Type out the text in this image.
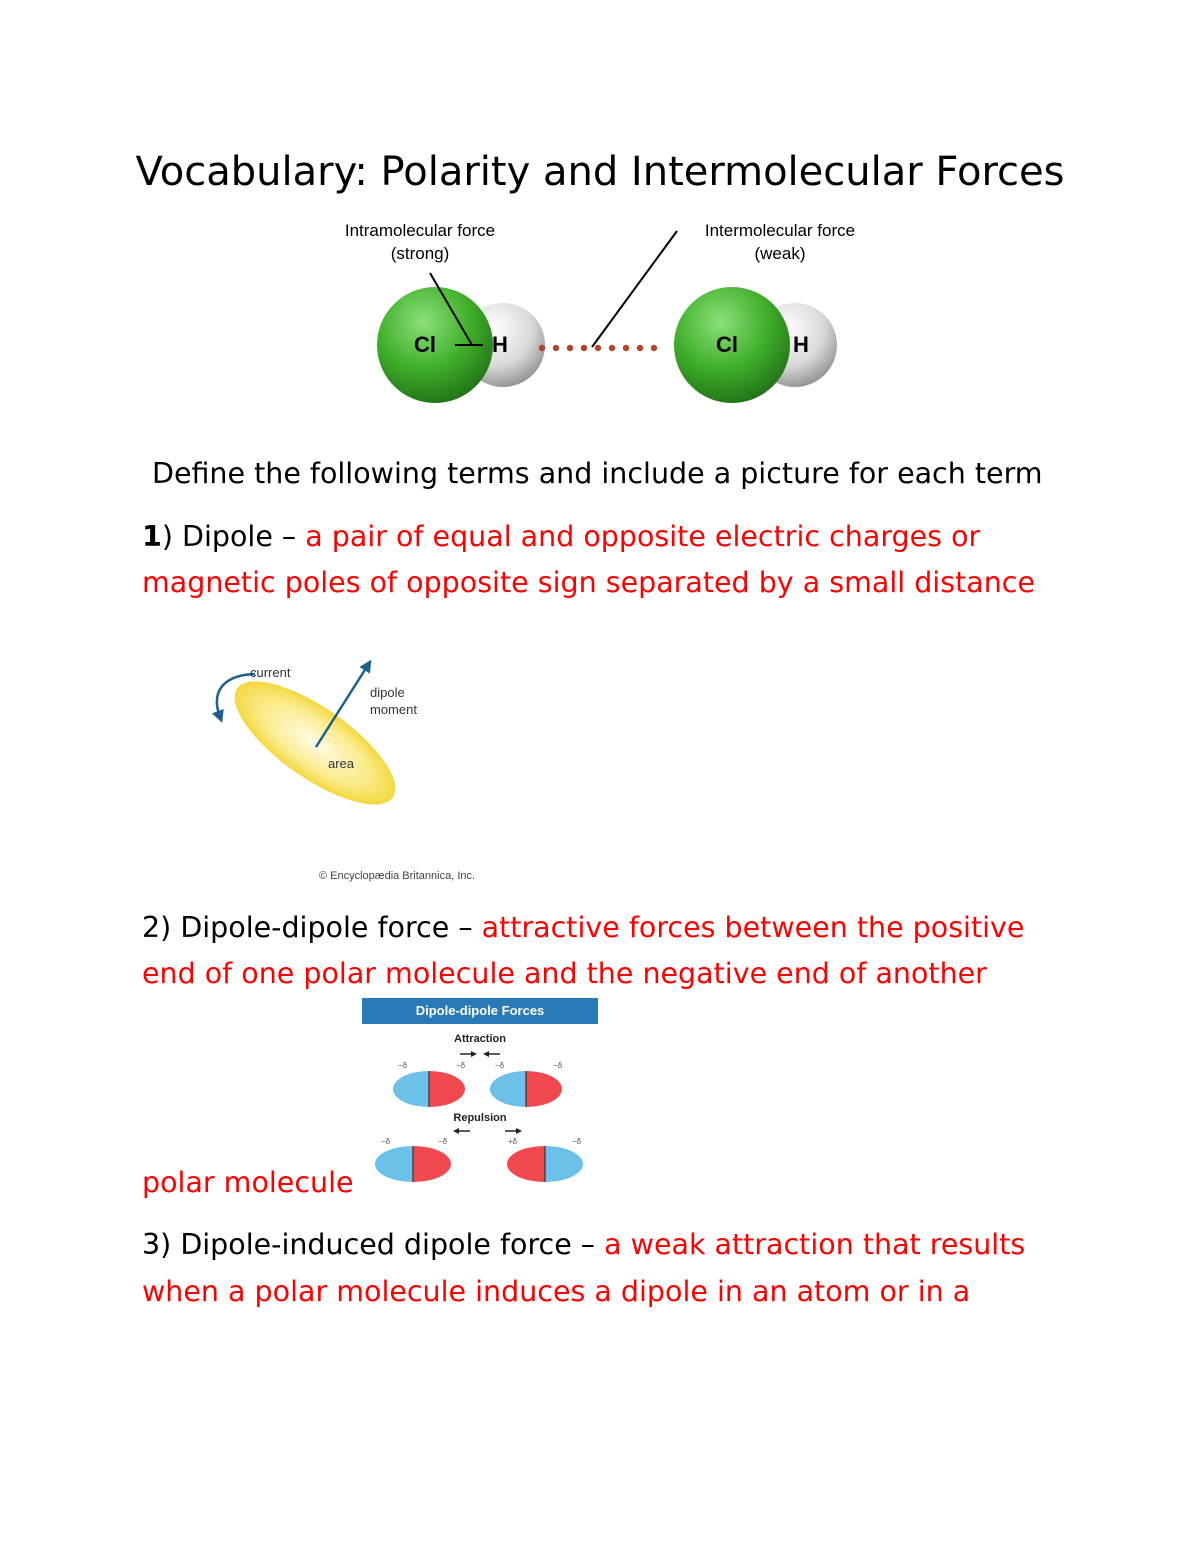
Vocabulary: Polarity and Intermolecular Forces
Intramolecular force
(strong)
Intermolecular force
(weak)
Cl	H	Cl	H
Define the following terms and include a picture for each term
1) Dipole – a pair of equal and opposite electric charges or
magnetic poles of opposite sign separated by a small distance
current
dipole
moment
area
© Encyclopædia Britannica, Inc.
2) Dipole-dipole force – attractive forces between the positive
end of one polar molecule and the negative end of another
Dipole-dipole Forces
Attraction
Repulsion
−δ	−δ	−δ	−δ
−δ	−δ	+δ	−δ
polar molecule
3) Dipole-induced dipole force – a weak attraction that results
when a polar molecule induces a dipole in an atom or in a
